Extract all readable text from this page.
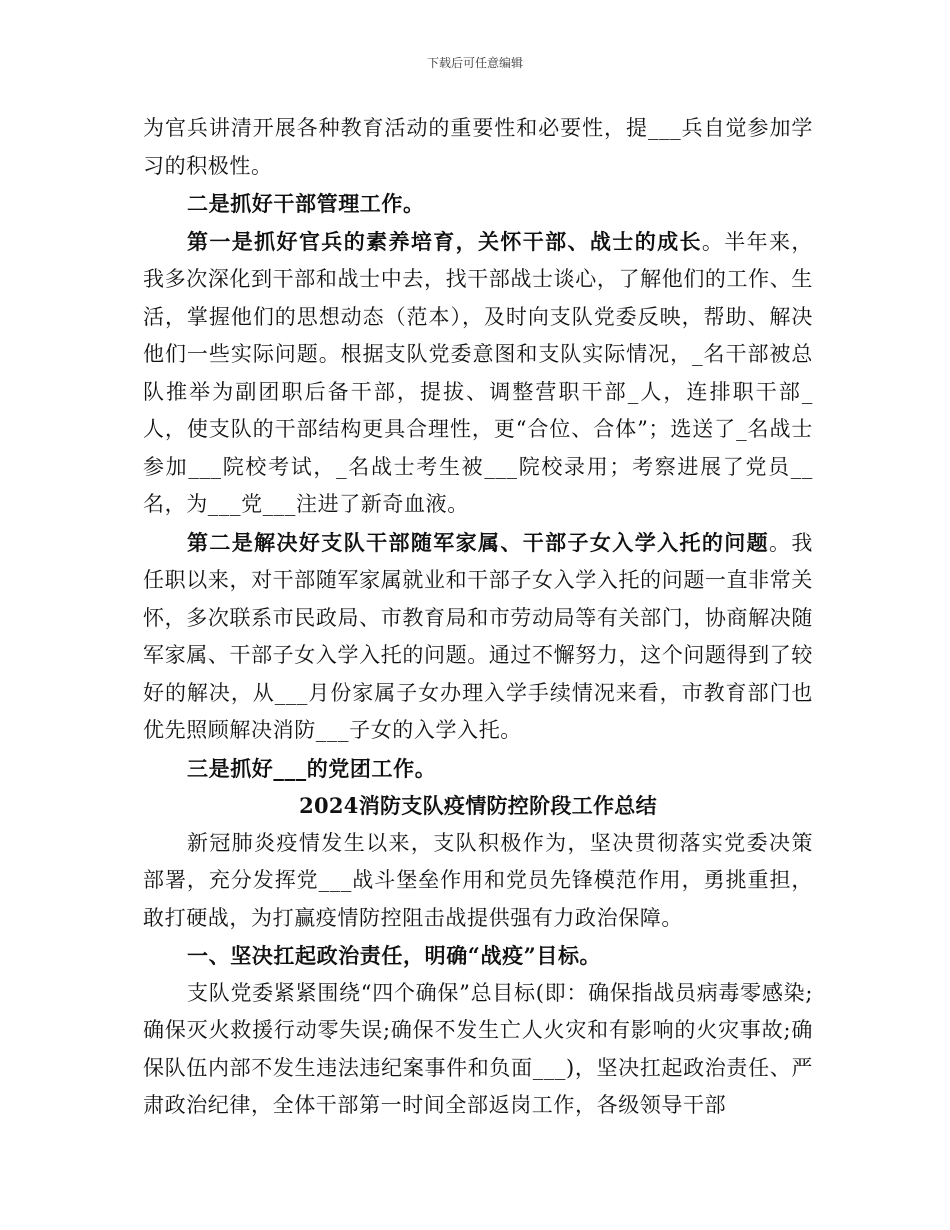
下载后可任意编辑

为官兵讲清开展各种教育活动的重要性和必要性，提___兵自觉参加学习的积极性。

二是抓好干部管理工作。

第一是抓好官兵的素养培育，关怀干部、战士的成长。半年来，我多次深化到干部和战士中去，找干部战士谈心，了解他们的工作、生活，掌握他们的思想动态（范本），及时向支队党委反映，帮助、解决他们一些实际问题。根据支队党委意图和支队实际情况，_名干部被总队推举为副团职后备干部，提拔、调整营职干部_人，连排职干部_人，使支队的干部结构更具合理性，更“合位、合体”；选送了_名战士参加___院校考试，_名战士考生被___院校录用；考察进展了党员__名，为___党___注进了新奇血液。

第二是解决好支队干部随军家属、干部子女入学入托的问题。我任职以来，对干部随军家属就业和干部子女入学入托的问题一直非常关怀，多次联系市民政局、市教育局和市劳动局等有关部门，协商解决随军家属、干部子女入学入托的问题。通过不懈努力，这个问题得到了较好的解决，从___月份家属子女办理入学手续情况来看，市教育部门也优先照顾解决消防___子女的入学入托。

三是抓好___的党团工作。

2024消防支队疫情防控阶段工作总结

新冠肺炎疫情发生以来，支队积极作为，坚决贯彻落实党委决策部署，充分发挥党___战斗堡垒作用和党员先锋模范作用，勇挑重担，敢打硬战，为打赢疫情防控阻击战提供强有力政治保障。

一、坚决扛起政治责任，明确“战疫”目标。

支队党委紧紧围绕“四个确保”总目标(即：确保指战员病毒零感染;确保灭火救援行动零失误;确保不发生亡人火灾和有影响的火灾事故;确保队伍内部不发生违法违纪案事件和负面___)，坚决扛起政治责任、严肃政治纪律，全体干部第一时间全部返岗工作，各级领导干部
